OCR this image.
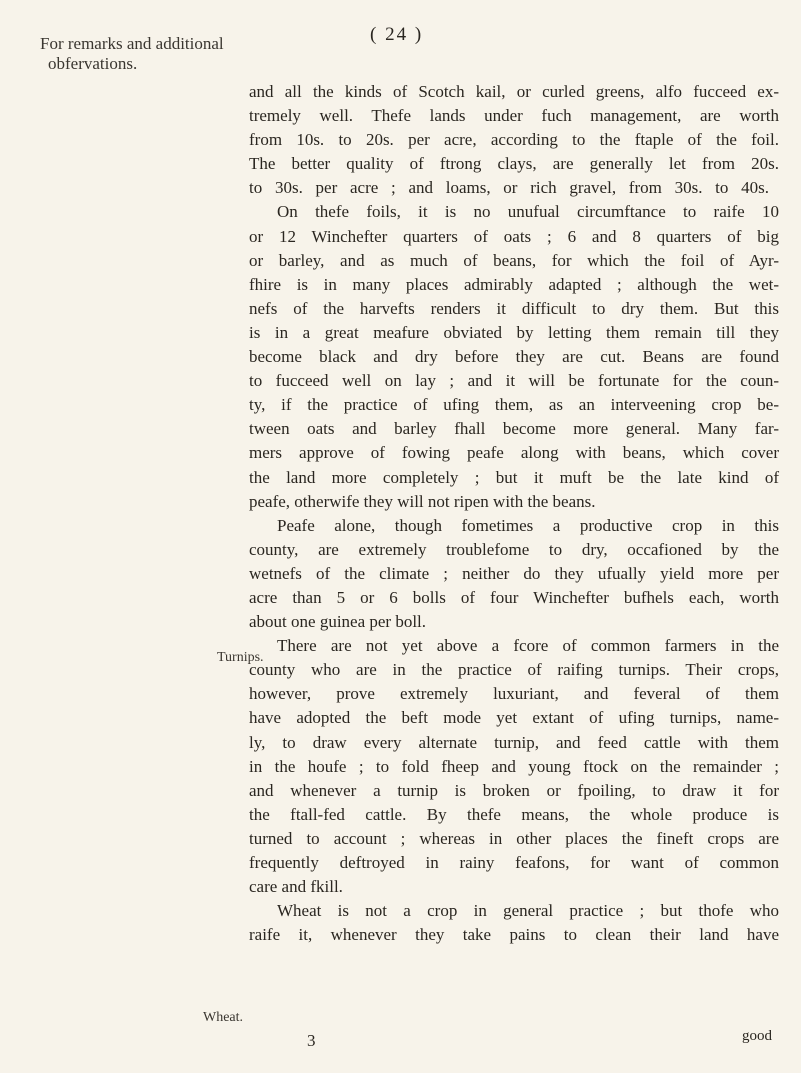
For remarks and additional
obfervations.
( 24 )
and all the kinds of Scotch kail, or curled greens, alfo fucceed ex-
tremely well. Thefe lands under fuch management, are worth
from 10s. to 20s. per acre, according to the ftaple of the foil.
The better quality of ftrong clays, are generally let from 20s.
to 30s. per acre ; and loams, or rich gravel, from 30s. to 40s.
On thefe foils, it is no unufual circumftance to raife 10
or 12 Winchefter quarters of oats ; 6 and 8 quarters of big
or barley, and as much of beans, for which the foil of Ayr-
fhire is in many places admirably adapted ; although the wet-
nefs of the harvefts renders it difficult to dry them. But this
is in a great meafure obviated by letting them remain till they
become black and dry before they are cut. Beans are found
to fucceed well on lay ; and it will be fortunate for the coun-
ty, if the practice of ufing them, as an interveening crop be-
tween oats and barley fhall become more general. Many far-
mers approve of fowing peafe along with beans, which cover
the land more completely ; but it muft be the late kind of
peafe, otherwife they will not ripen with the beans.
Peafe alone, though fometimes a productive crop in this
county, are extremely troublefome to dry, occafioned by the
wetnefs of the climate ; neither do they ufually yield more per
acre than 5 or 6 bolls of four Winchefter bufhels each, worth
about one guinea per boll.
There are not yet above a fcore of common farmers in the
county who are in the practice of raifing turnips. Their crops,
however, prove extremely luxuriant, and feveral of them
have adopted the beft mode yet extant of ufing turnips, name-
ly, to draw every alternate turnip, and feed cattle with them
in the houfe ; to fold fheep and young ftock on the remainder ;
and whenever a turnip is broken or fpoiling, to draw it for
the ftall-fed cattle. By thefe means, the whole produce is
turned to account ; whereas in other places the fineft crops are
frequently deftroyed in rainy feafons, for want of common
care and fkill.
Wheat is not a crop in general practice ; but thofe who
raife it, whenever they take pains to clean their land have
Turnips.
Wheat.
3	good
